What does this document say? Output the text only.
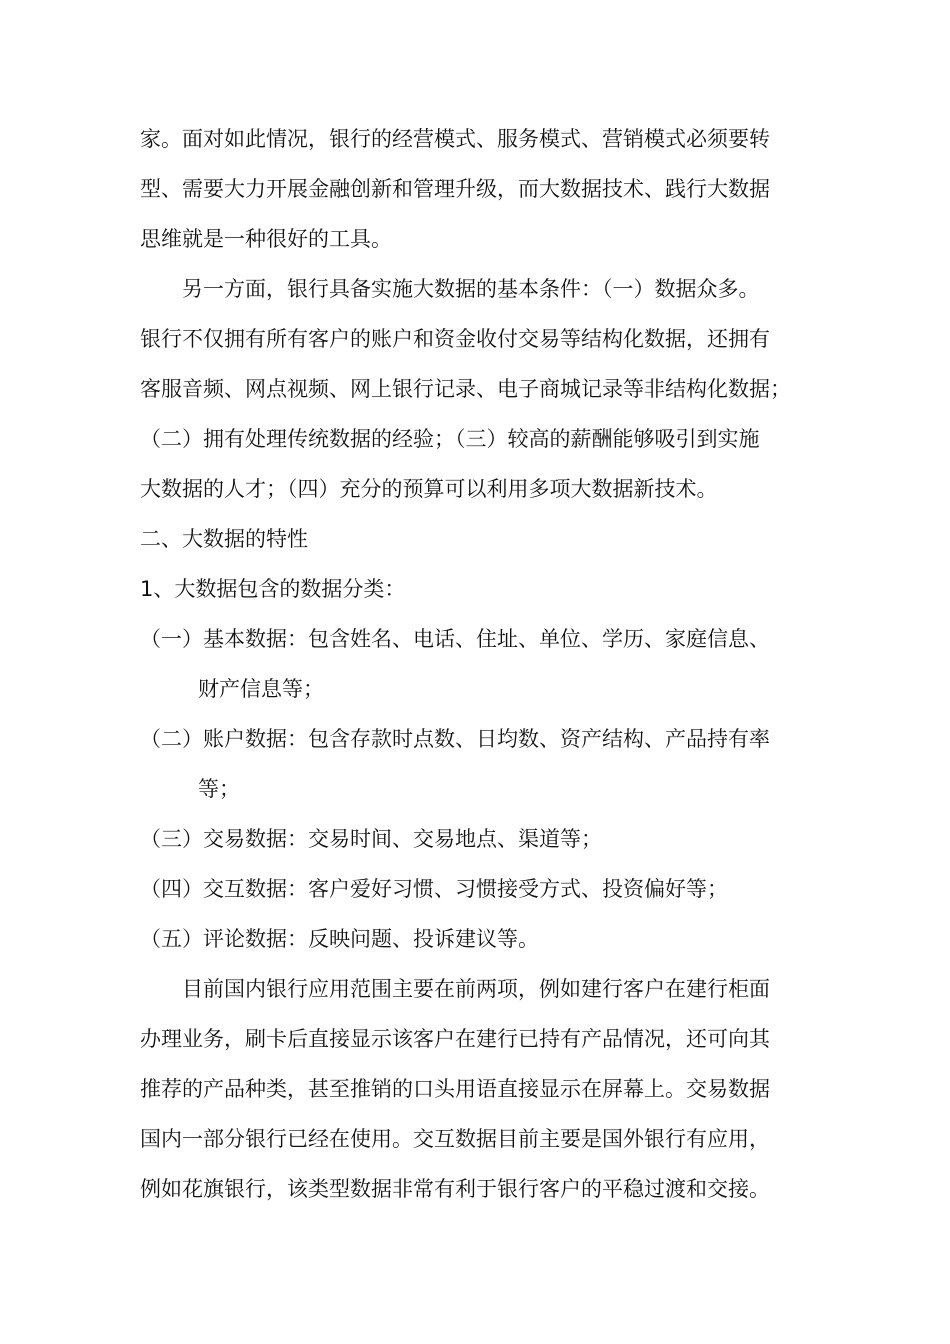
家。面对如此情况，银行的经营模式、服务模式、营销模式必须要转
型、需要大力开展金融创新和管理升级，而大数据技术、践行大数据
思维就是一种很好的工具。
另一方面，银行具备实施大数据的基本条件：（一）数据众多。
银行不仅拥有所有客户的账户和资金收付交易等结构化数据，还拥有
客服音频、网点视频、网上银行记录、电子商城记录等非结构化数据；
（二）拥有处理传统数据的经验；（三）较高的薪酬能够吸引到实施
大数据的人才；（四）充分的预算可以利用多项大数据新技术。
二、大数据的特性
1、大数据包含的数据分类：
（一）基本数据：包含姓名、电话、住址、单位、学历、家庭信息、
财产信息等；
（二）账户数据：包含存款时点数、日均数、资产结构、产品持有率
等；
（三）交易数据：交易时间、交易地点、渠道等；
（四）交互数据：客户爱好习惯、习惯接受方式、投资偏好等；
（五）评论数据：反映问题、投诉建议等。
目前国内银行应用范围主要在前两项，例如建行客户在建行柜面
办理业务，刷卡后直接显示该客户在建行已持有产品情况，还可向其
推荐的产品种类，甚至推销的口头用语直接显示在屏幕上。交易数据
国内一部分银行已经在使用。交互数据目前主要是国外银行有应用，
例如花旗银行，该类型数据非常有利于银行客户的平稳过渡和交接。
